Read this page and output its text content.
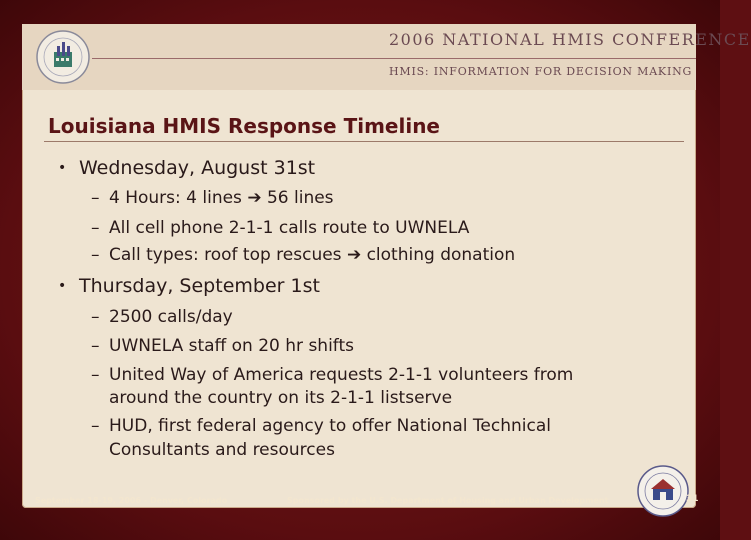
2006 NATIONAL HMIS CONFERENCE
HMIS: INFORMATION FOR DECISION MAKING
Louisiana HMIS Response Timeline
• Wednesday, August 31st
– 4 Hours: 4 lines ➔ 56 lines
– All cell phone 2-1-1 calls route to UWNELA
– Call types: roof top rescues ➔ clothing donation
• Thursday, September 1st
– 2500 calls/day
– UWNELA staff on 20 hr shifts
– United Way of America requests 2-1-1 volunteers from
around the country on its 2-1-1 listserve
– HUD, first federal agency to offer National Technical
Consultants and resources
September 18-19, 2006 - Denver, Colorado	Sponsored by the U.S. Department of Housing and Urban Development	31
